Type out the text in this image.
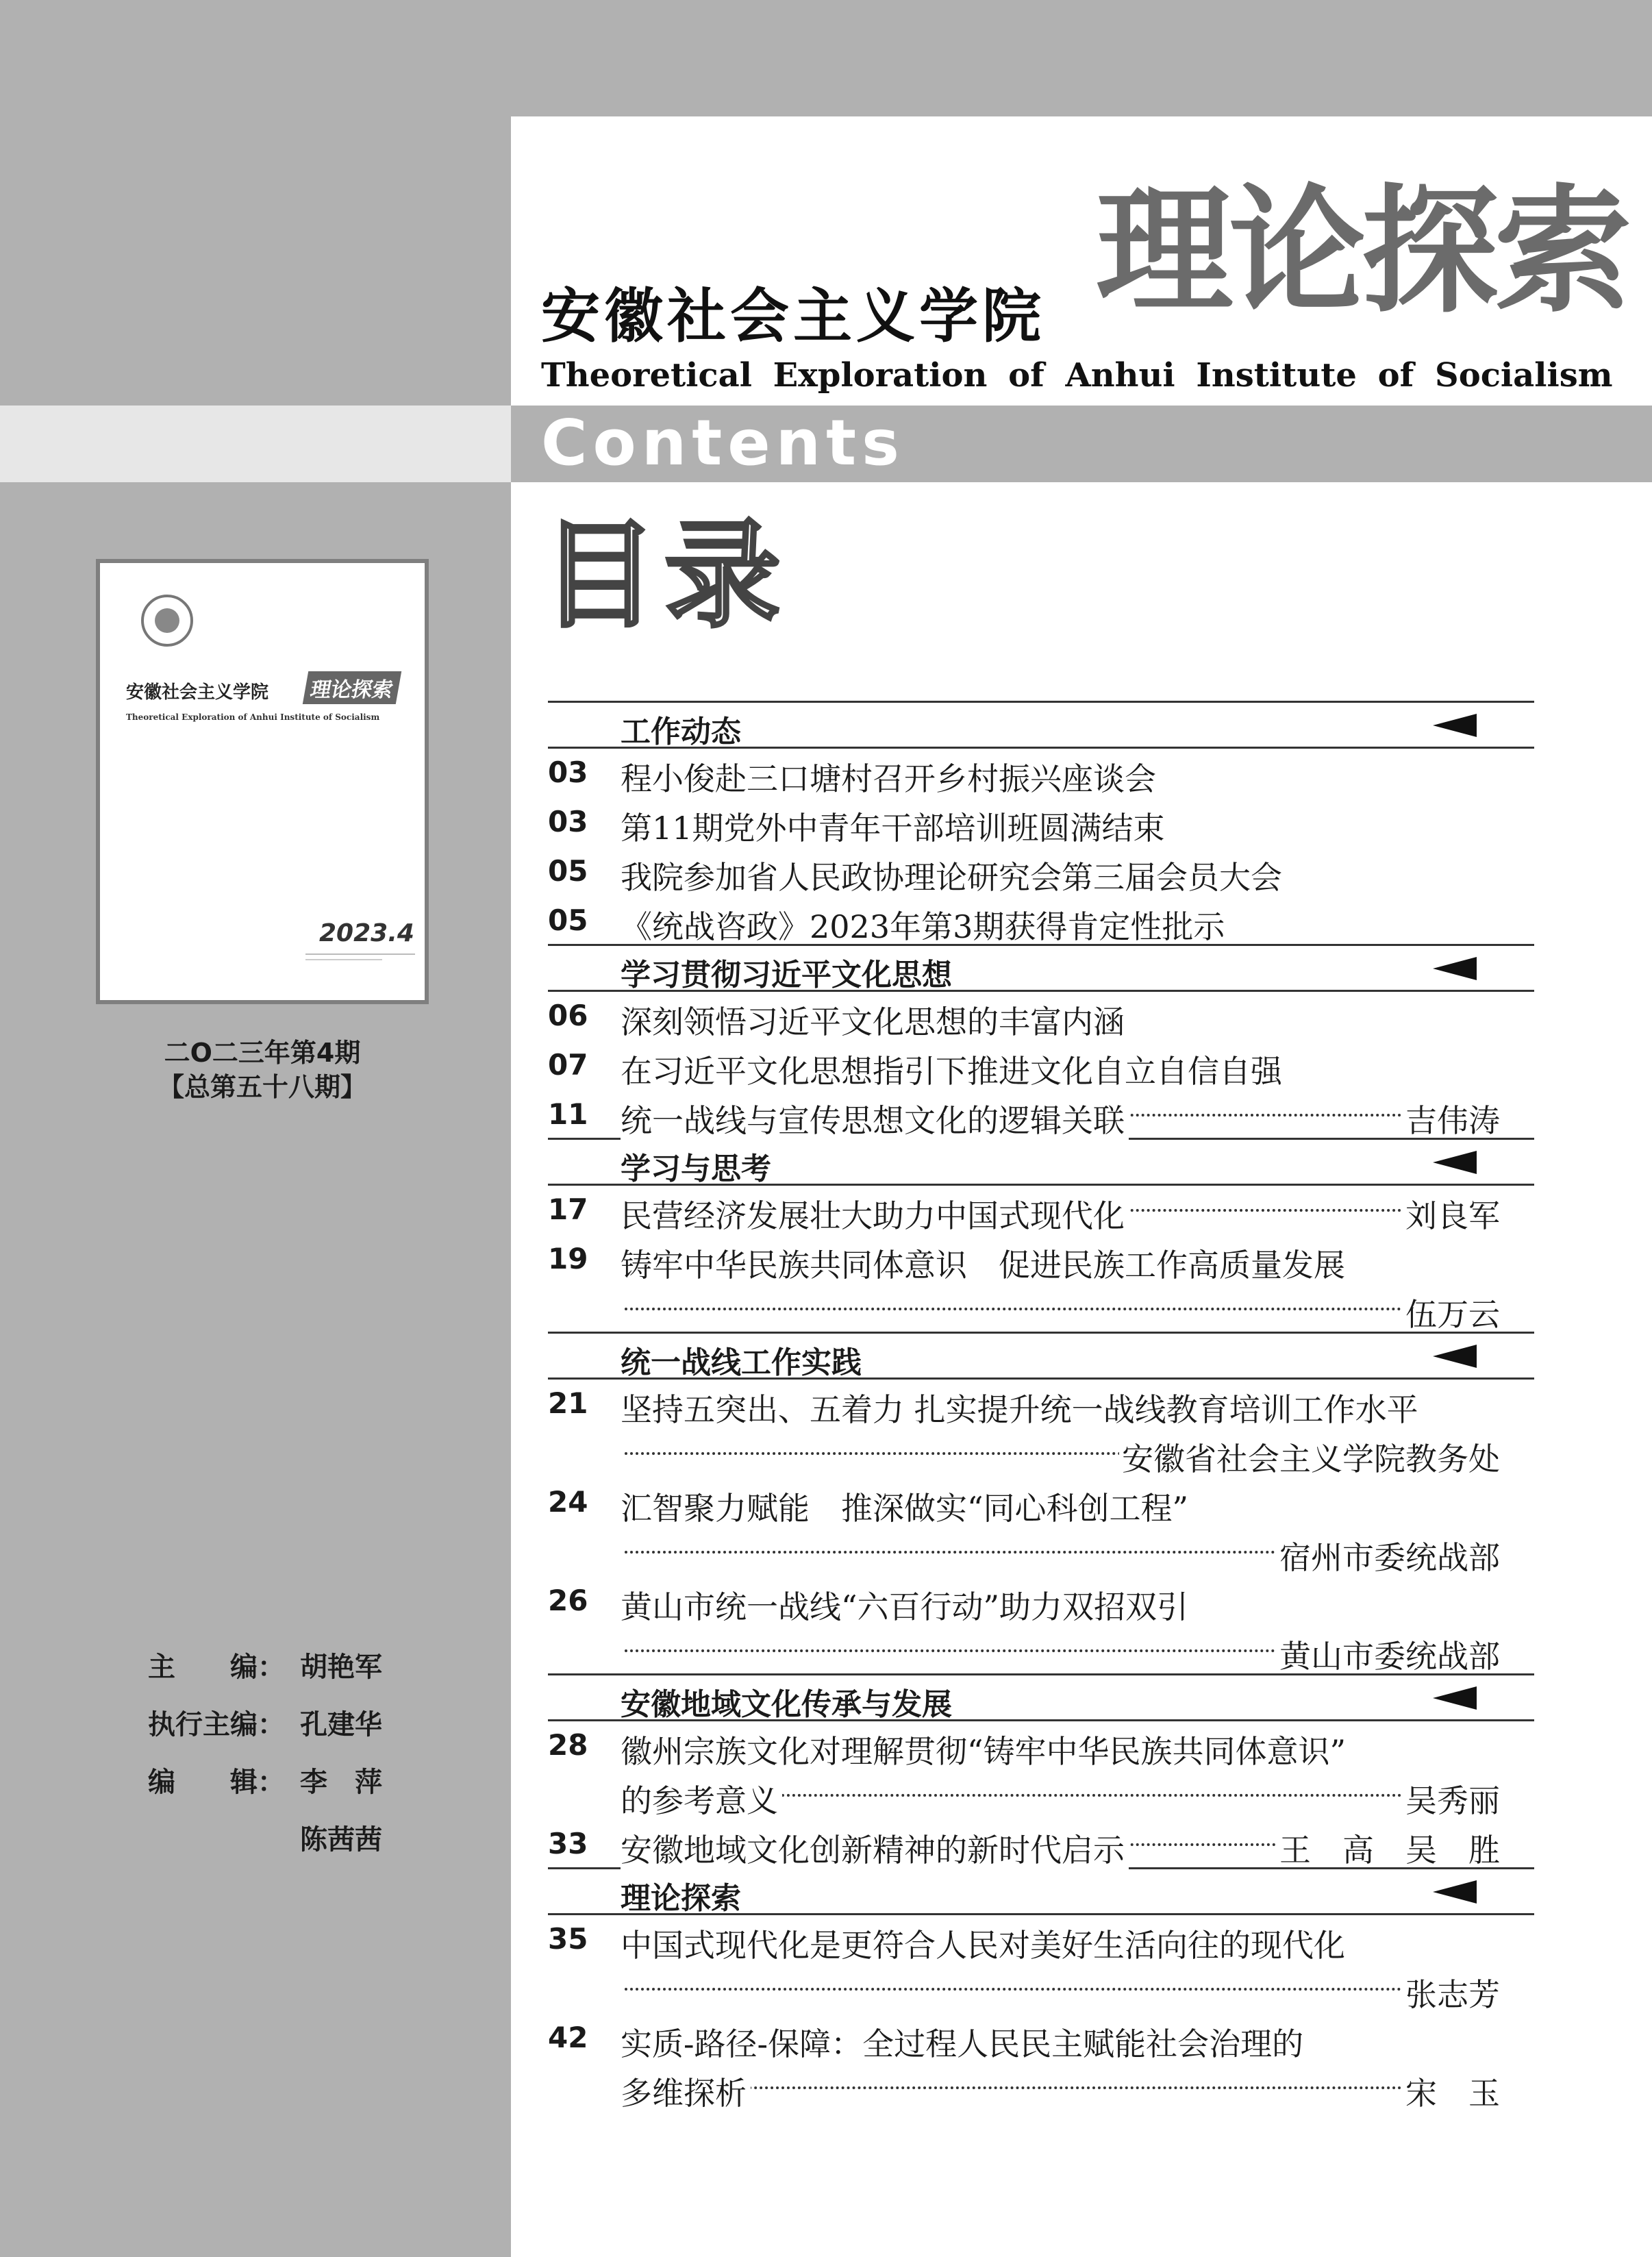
安徽社会主义学院 理论探索
Theoretical Exploration of Anhui Institute of Socialism
Contents
目录
安徽社会主义学院 理论探索
Theoretical Exploration of Anhui Institute of Socialism
2023.4
二O二三年第4期
【总第五十八期】
主　　编： 胡艳军
执行主编： 孔建华
编　　辑： 李　萍
陈茜茜
工作动态
03 程小俊赴三口塘村召开乡村振兴座谈会
03 第11期党外中青年干部培训班圆满结束
05 我院参加省人民政协理论研究会第三届会员大会
05 《统战咨政》2023年第3期获得肯定性批示
学习贯彻习近平文化思想
06 深刻领悟习近平文化思想的丰富内涵
07 在习近平文化思想指引下推进文化自立自信自强
11 统一战线与宣传思想文化的逻辑关联	吉伟涛
学习与思考
17 民营经济发展壮大助力中国式现代化	刘良军
19 铸牢中华民族共同体意识　促进民族工作高质量发展
伍万云
统一战线工作实践
21 坚持五突出、五着力 扎实提升统一战线教育培训工作水平
安徽省社会主义学院教务处
24 汇智聚力赋能　推深做实“同心科创工程”
宿州市委统战部
26 黄山市统一战线“六百行动”助力双招双引
黄山市委统战部
安徽地域文化传承与发展
28 徽州宗族文化对理解贯彻“铸牢中华民族共同体意识”
的参考意义	吴秀丽
33 安徽地域文化创新精神的新时代启示	王　高　吴　胜
理论探索
35 中国式现代化是更符合人民对美好生活向往的现代化
张志芳
42 实质-路径-保障：全过程人民民主赋能社会治理的
多维探析	宋　玉
